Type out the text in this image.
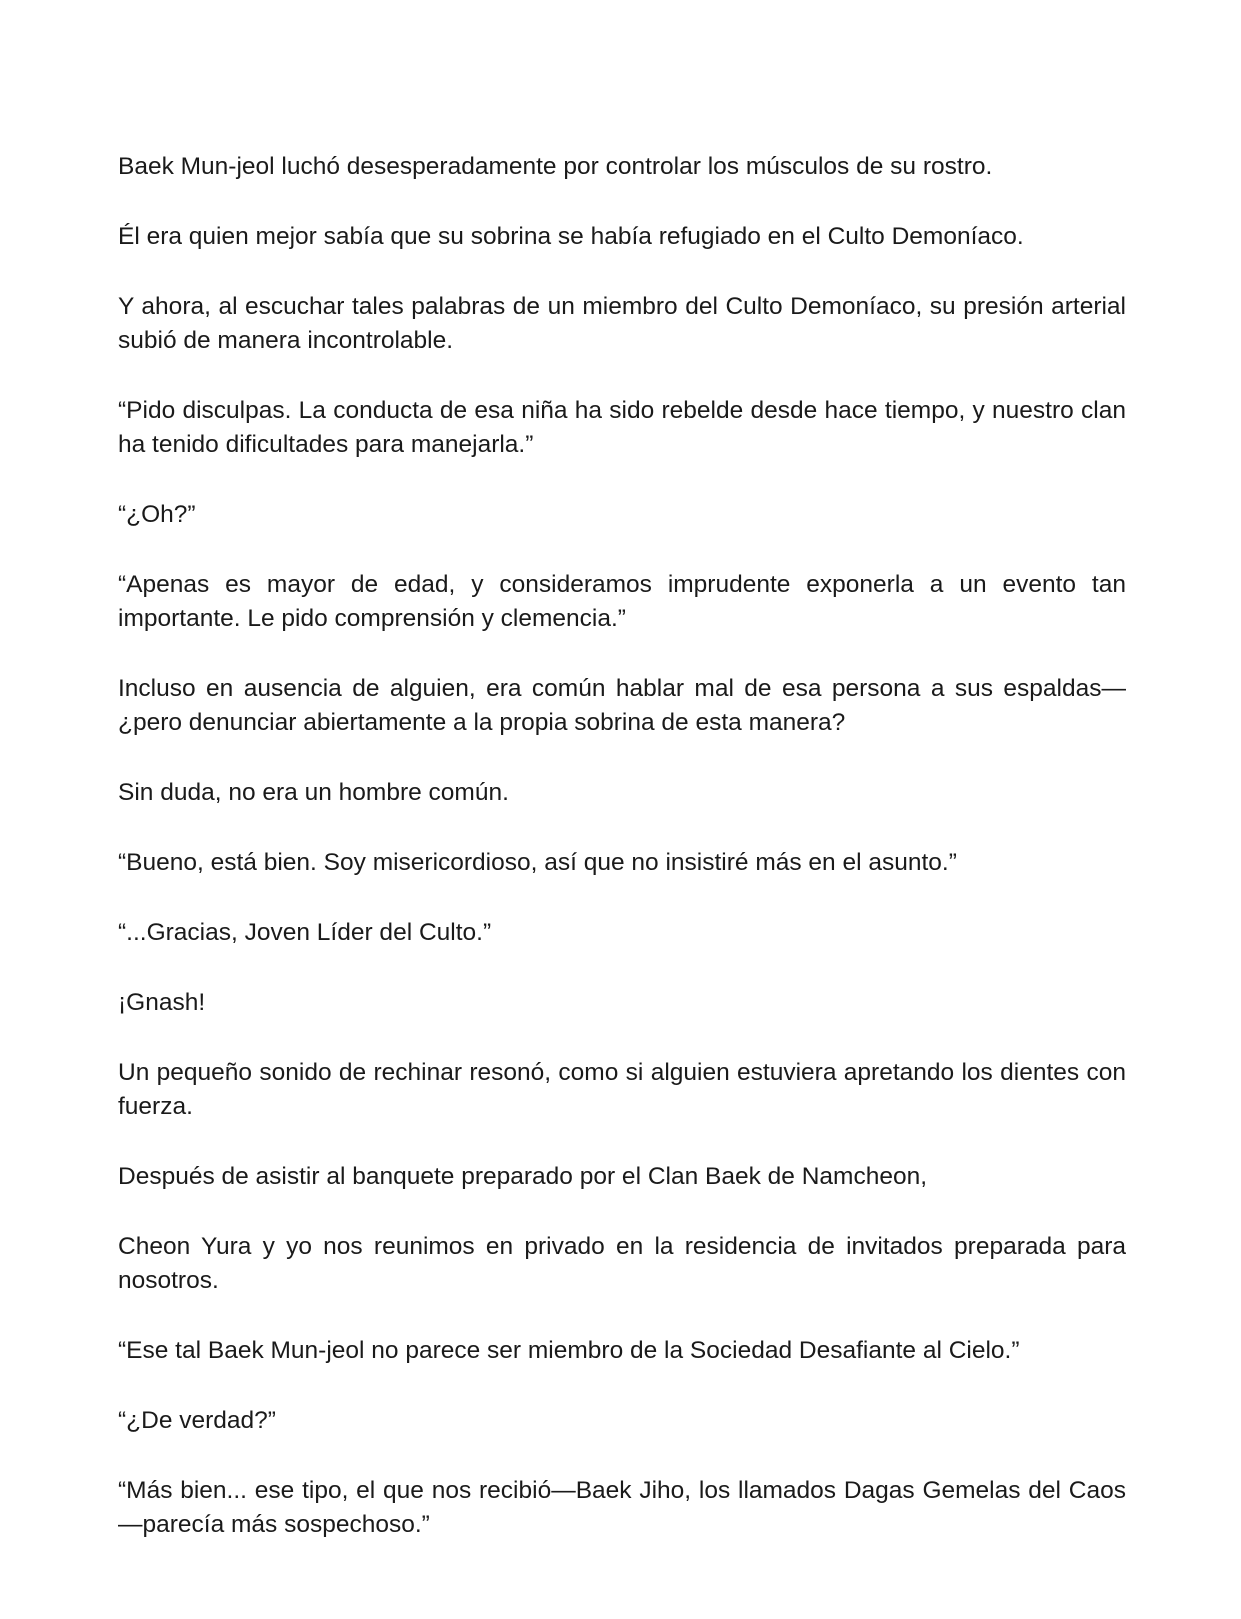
Baek Mun-jeol luchó desesperadamente por controlar los músculos de su rostro.

Él era quien mejor sabía que su sobrina se había refugiado en el Culto Demoníaco.

Y ahora, al escuchar tales palabras de un miembro del Culto Demoníaco, su presión arterial subió de manera incontrolable.

“Pido disculpas. La conducta de esa niña ha sido rebelde desde hace tiempo, y nuestro clan ha tenido dificultades para manejarla.”

“¿Oh?”

“Apenas es mayor de edad, y consideramos imprudente exponerla a un evento tan importante. Le pido comprensión y clemencia.”

Incluso en ausencia de alguien, era común hablar mal de esa persona a sus espaldas—¿pero denunciar abiertamente a la propia sobrina de esta manera?

Sin duda, no era un hombre común.

“Bueno, está bien. Soy misericordioso, así que no insistiré más en el asunto.”

“...Gracias, Joven Líder del Culto.”

¡Gnash!

Un pequeño sonido de rechinar resonó, como si alguien estuviera apretando los dientes con fuerza.

Después de asistir al banquete preparado por el Clan Baek de Namcheon,

Cheon Yura y yo nos reunimos en privado en la residencia de invitados preparada para nosotros.

“Ese tal Baek Mun-jeol no parece ser miembro de la Sociedad Desafiante al Cielo.”

“¿De verdad?”

“Más bien... ese tipo, el que nos recibió—Baek Jiho, los llamados Dagas Gemelas del Caos—parecía más sospechoso.”
